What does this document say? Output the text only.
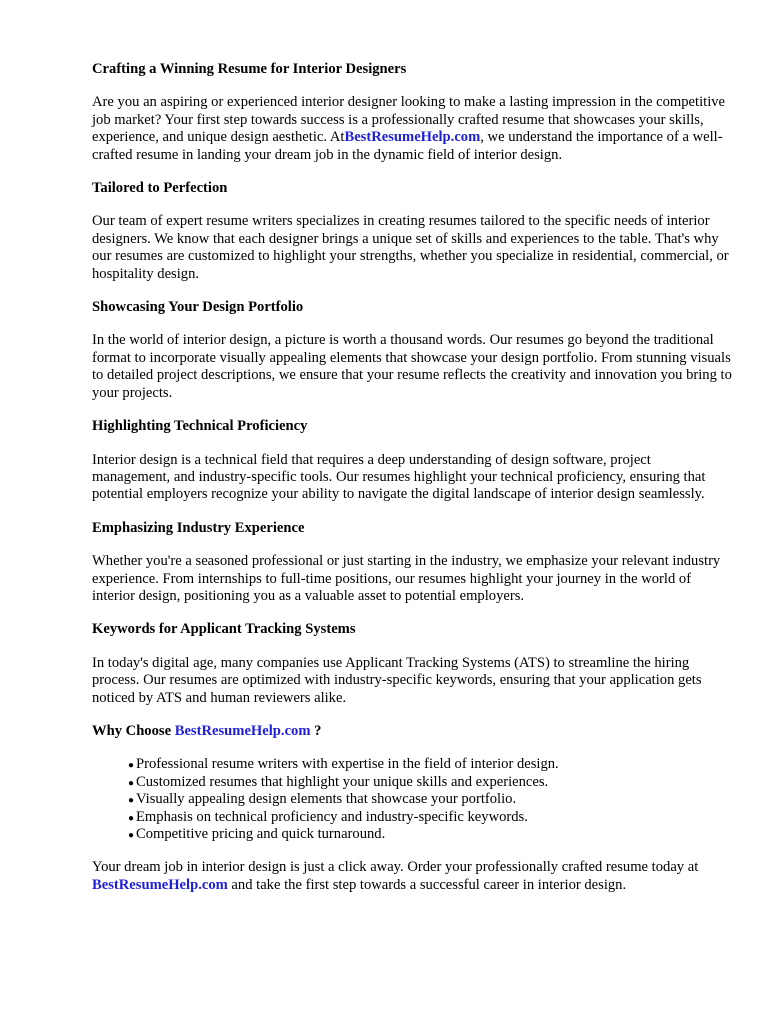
Crafting a Winning Resume for Interior Designers

Are you an aspiring or experienced interior designer looking to make a lasting impression in the competitive job market? Your first step towards success is a professionally crafted resume that showcases your skills, experience, and unique design aesthetic. AtBestResumeHelp.com, we understand the importance of a well-crafted resume in landing your dream job in the dynamic field of interior design.

Tailored to Perfection

Our team of expert resume writers specializes in creating resumes tailored to the specific needs of interior designers. We know that each designer brings a unique set of skills and experiences to the table. That's why our resumes are customized to highlight your strengths, whether you specialize in residential, commercial, or hospitality design.

Showcasing Your Design Portfolio

In the world of interior design, a picture is worth a thousand words. Our resumes go beyond the traditional format to incorporate visually appealing elements that showcase your design portfolio. From stunning visuals to detailed project descriptions, we ensure that your resume reflects the creativity and innovation you bring to your projects.

Highlighting Technical Proficiency

Interior design is a technical field that requires a deep understanding of design software, project management, and industry-specific tools. Our resumes highlight your technical proficiency, ensuring that potential employers recognize your ability to navigate the digital landscape of interior design seamlessly.

Emphasizing Industry Experience

Whether you're a seasoned professional or just starting in the industry, we emphasize your relevant industry experience. From internships to full-time positions, our resumes highlight your journey in the world of interior design, positioning you as a valuable asset to potential employers.

Keywords for Applicant Tracking Systems

In today's digital age, many companies use Applicant Tracking Systems (ATS) to streamline the hiring process. Our resumes are optimized with industry-specific keywords, ensuring that your application gets noticed by ATS and human reviewers alike.

Why Choose BestResumeHelp.com ?
● Professional resume writers with expertise in the field of interior design.
● Customized resumes that highlight your unique skills and experiences.
● Visually appealing design elements that showcase your portfolio.
● Emphasis on technical proficiency and industry-specific keywords.
● Competitive pricing and quick turnaround.

Your dream job in interior design is just a click away. Order your professionally crafted resume today at BestResumeHelp.com and take the first step towards a successful career in interior design.
